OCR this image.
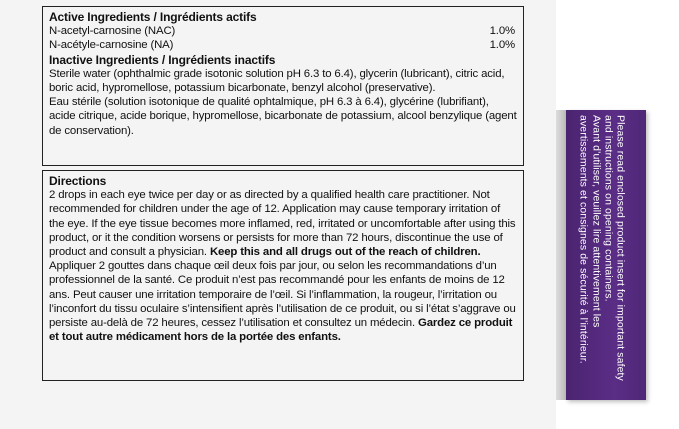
Active Ingredients / Ingrédients actifs
N-acetyl-carnosine (NAC)	1.0%
N-acétyle-carnosine (NA)	1.0%
Inactive Ingredients / Ingrédients inactifs

Sterile water (ophthalmic grade isotonic solution pH 6.3 to 6.4), glycerin (lubricant), citric acid, boric acid, hypromellose, potassium bicarbonate, benzyl alcohol (preservative).

Eau stérile (solution isotonique de qualité ophtalmique, pH 6.3 à 6.4), glycérine (lubrifiant), acide citrique, acide borique, hypromellose, bicarbonate de potassium, alcool benzylique (agent de conservation).

Directions

2 drops in each eye twice per day or as directed by a qualified health care practitioner. Not recommended for children under the age of 12. Application may cause temporary irritation of the eye. If the eye tissue becomes more inflamed, red, irritated or uncomfortable after using this product, or it the condition worsens or persists for more than 72 hours, discontinue the use of product and consult a physician. Keep this and all drugs out of the reach of children.

Appliquer 2 gouttes dans chaque œil deux fois par jour, ou selon les recommandations d’un professionnel de la santé. Ce produit n’est pas recommandé pour les enfants de moins de 12 ans. Peut causer une irritation temporaire de l’œil. Si l’inflammation, la rougeur, l’irritation ou l’inconfort du tissu oculaire s’intensifient après l’utilisation de ce produit, ou si l’état s’aggrave ou persiste au-delà de 72 heures, cessez l’utilisation et consultez un médecin. Gardez ce produit et tout autre médicament hors de la portée des enfants.	Please read enclosed product insert for important safety and instructions on opening containers.
Avant d’utiliser, veuillez lire attentivement les avertissements et consignes de sécurité à l’intérieur.
